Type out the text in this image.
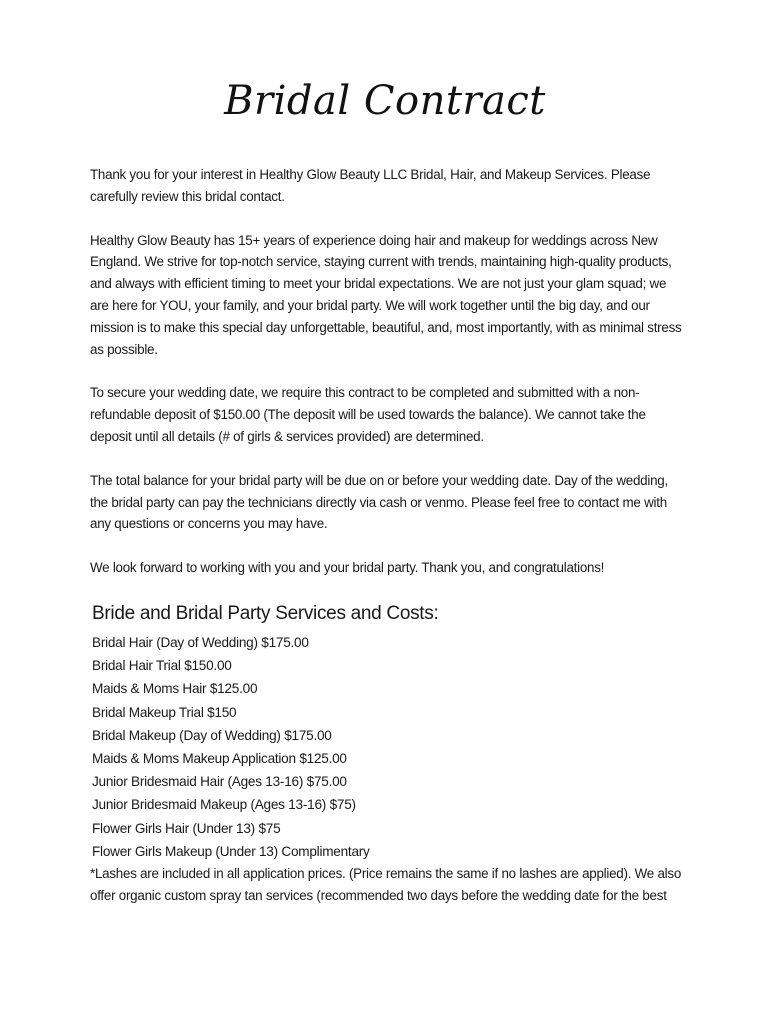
Bridal Contract

Thank you for your interest in Healthy Glow Beauty LLC Bridal, Hair, and Makeup Services. Please carefully review this bridal contact.

Healthy Glow Beauty has 15+ years of experience doing hair and makeup for weddings across New England. We strive for top-notch service, staying current with trends, maintaining high-quality products, and always with efficient timing to meet your bridal expectations. We are not just your glam squad; we are here for YOU, your family, and your bridal party. We will work together until the big day, and our mission is to make this special day unforgettable, beautiful, and, most importantly, with as minimal stress as possible.

To secure your wedding date, we require this contract to be completed and submitted with a non-refundable deposit of $150.00 (The deposit will be used towards the balance). We cannot take the deposit until all details (# of girls & services provided) are determined.

The total balance for your bridal party will be due on or before your wedding date. Day of the wedding, the bridal party can pay the technicians directly via cash or venmo. Please feel free to contact me with any questions or concerns you may have.

We look forward to working with you and your bridal party. Thank you, and congratulations!

Bride and Bridal Party Services and Costs:
Bridal Hair (Day of Wedding) $175.00
Bridal Hair Trial $150.00
Maids & Moms Hair $125.00
Bridal Makeup Trial $150
Bridal Makeup (Day of Wedding) $175.00
Maids & Moms Makeup Application $125.00
Junior Bridesmaid Hair (Ages 13-16) $75.00
Junior Bridesmaid Makeup (Ages 13-16) $75)
Flower Girls Hair (Under 13) $75
Flower Girls Makeup (Under 13) Complimentary

*Lashes are included in all application prices. (Price remains the same if no lashes are applied). We also offer organic custom spray tan services (recommended two days before the wedding date for the best
